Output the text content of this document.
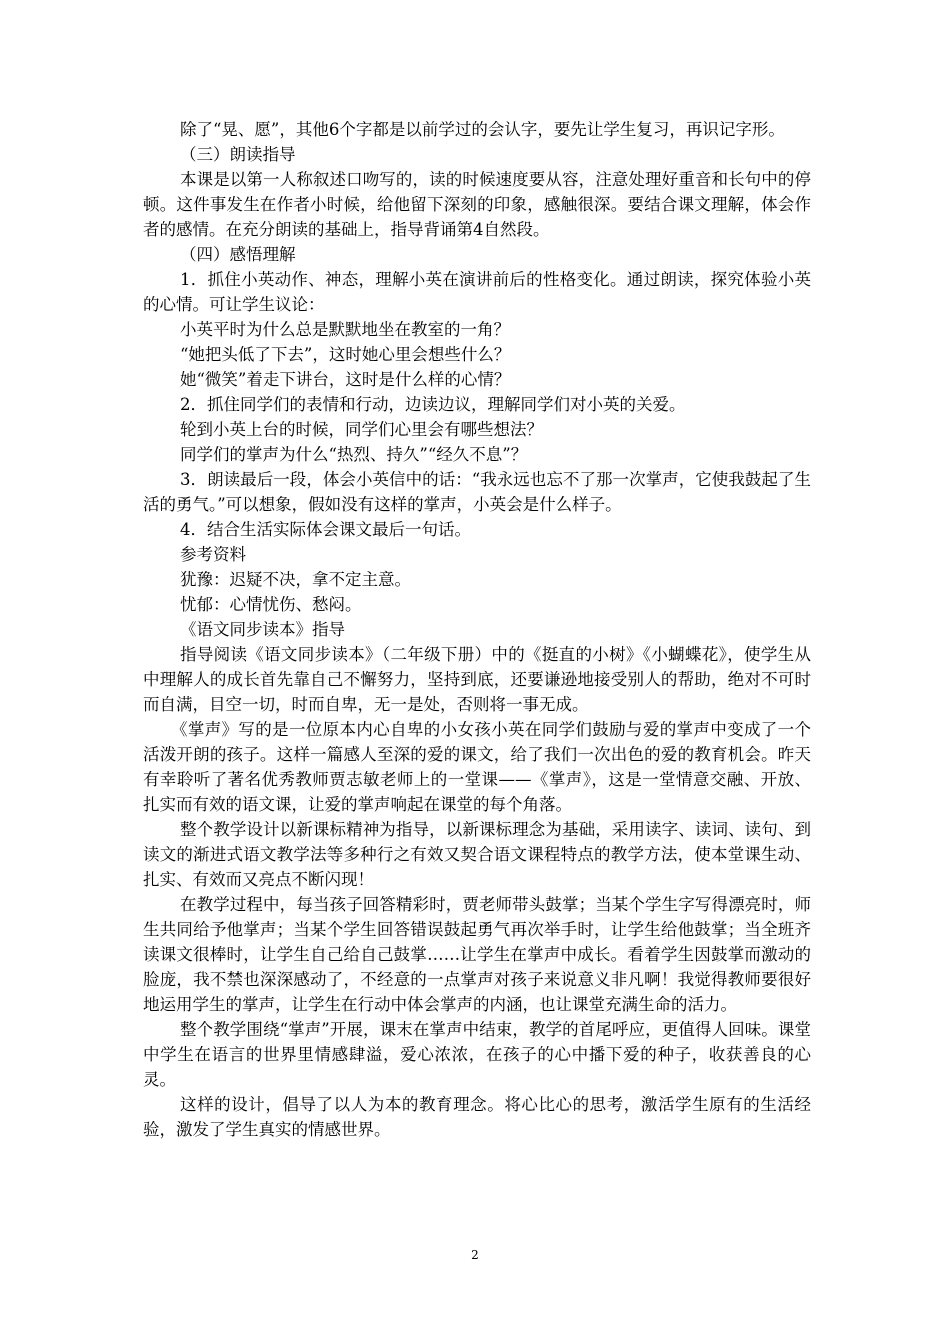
除了“晃、愿”，其他6个字都是以前学过的会认字，要先让学生复习，再识记字形。

（三）朗读指导

本课是以第一人称叙述口吻写的，读的时候速度要从容，注意处理好重音和长句中的停顿。这件事发生在作者小时候，给他留下深刻的印象，感触很深。要结合课文理解，体会作者的感情。在充分朗读的基础上，指导背诵第4自然段。

（四）感悟理解

1．抓住小英动作、神态，理解小英在演讲前后的性格变化。通过朗读，探究体验小英的心情。可让学生议论：

小英平时为什么总是默默地坐在教室的一角？

“她把头低了下去”，这时她心里会想些什么？

她“微笑”着走下讲台，这时是什么样的心情？

2．抓住同学们的表情和行动，边读边议，理解同学们对小英的关爱。

轮到小英上台的时候，同学们心里会有哪些想法？

同学们的掌声为什么“热烈、持久”“经久不息”？

3．朗读最后一段，体会小英信中的话：“我永远也忘不了那一次掌声，它使我鼓起了生活的勇气。”可以想象，假如没有这样的掌声，小英会是什么样子。

4．结合生活实际体会课文最后一句话。

参考资料

犹豫：迟疑不决，拿不定主意。

忧郁：心情忧伤、愁闷。

《语文同步读本》指导

指导阅读《语文同步读本》（二年级下册）中的《挺直的小树》《小蝴蝶花》，使学生从中理解人的成长首先靠自己不懈努力，坚持到底，还要谦逊地接受别人的帮助，绝对不可时而自满，目空一切，时而自卑，无一是处，否则将一事无成。

《掌声》写的是一位原本内心自卑的小女孩小英在同学们鼓励与爱的掌声中变成了一个活泼开朗的孩子。这样一篇感人至深的爱的课文，给了我们一次出色的爱的教育机会。昨天有幸聆听了著名优秀教师贾志敏老师上的一堂课——《掌声》，这是一堂情意交融、开放、扎实而有效的语文课，让爱的掌声响起在课堂的每个角落。

整个教学设计以新课标精神为指导，以新课标理念为基础，采用读字、读词、读句、到读文的渐进式语文教学法等多种行之有效又契合语文课程特点的教学方法，使本堂课生动、扎实、有效而又亮点不断闪现！

在教学过程中，每当孩子回答精彩时，贾老师带头鼓掌；当某个学生字写得漂亮时，师生共同给予他掌声；当某个学生回答错误鼓起勇气再次举手时，让学生给他鼓掌；当全班齐读课文很棒时，让学生自己给自己鼓掌……让学生在掌声中成长。看着学生因鼓掌而激动的脸庞，我不禁也深深感动了，不经意的一点掌声对孩子来说意义非凡啊！我觉得教师要很好地运用学生的掌声，让学生在行动中体会掌声的内涵，也让课堂充满生命的活力。

整个教学围绕“掌声”开展，课末在掌声中结束，教学的首尾呼应，更值得人回味。课堂中学生在语言的世界里情感肆溢，爱心浓浓，在孩子的心中播下爱的种子，收获善良的心灵。

这样的设计，倡导了以人为本的教育理念。将心比心的思考，激活学生原有的生活经验，激发了学生真实的情感世界。

2
